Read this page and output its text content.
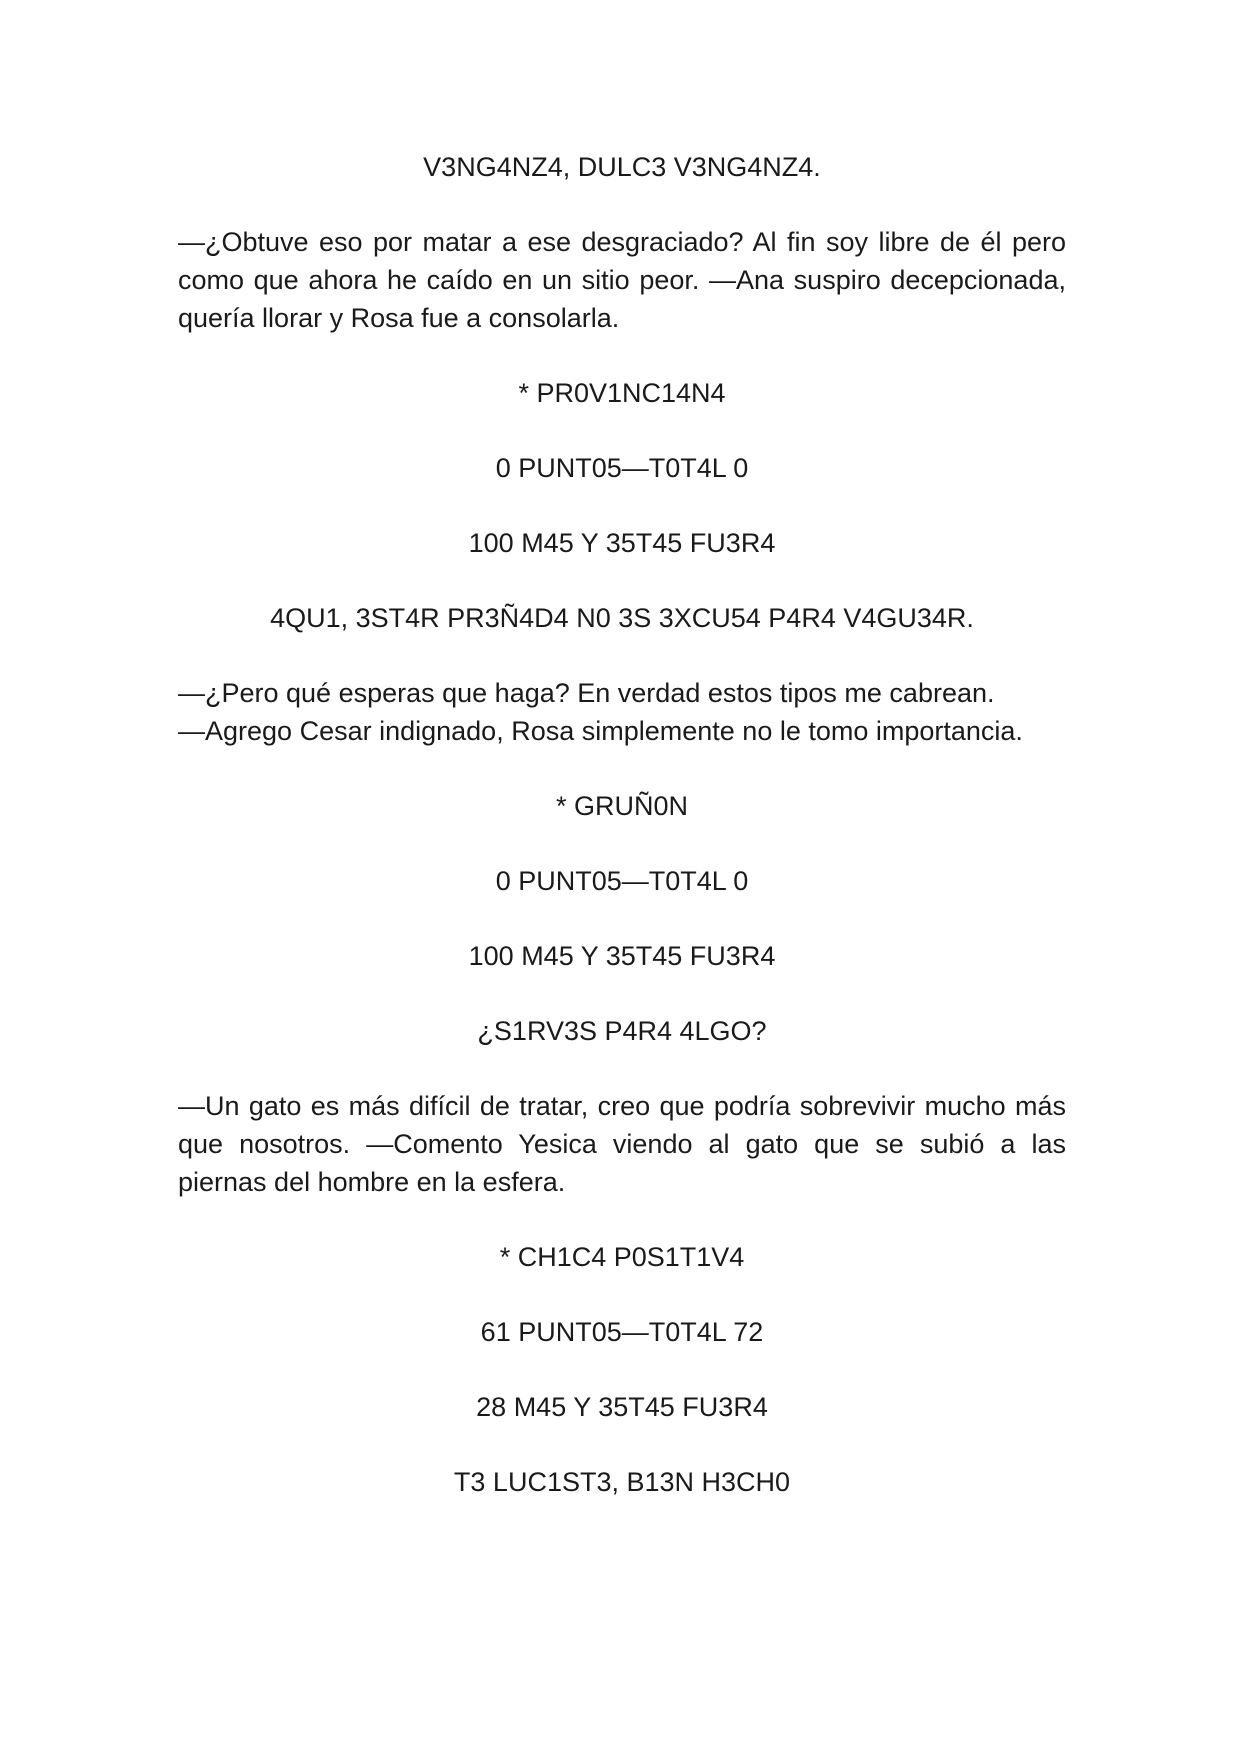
V3NG4NZ4, DULC3 V3NG4NZ4.

—¿Obtuve eso por matar a ese desgraciado? Al fin soy libre de él pero como que ahora he caído en un sitio peor. —Ana suspiro decepcionada, quería llorar y Rosa fue a consolarla.

* PR0V1NC14N4
0 PUNT05—T0T4L 0
100 M45 Y 35T45 FU3R4
4QU1, 3ST4R PR3Ñ4D4 N0 3S 3XCU54 P4R4 V4GU34R.

—¿Pero qué esperas que haga? En verdad estos tipos me cabrean.

—Agrego Cesar indignado, Rosa simplemente no le tomo importancia.

* GRUÑ0N
0 PUNT05—T0T4L 0
100 M45 Y 35T45 FU3R4
¿S1RV3S P4R4 4LGO?

—Un gato es más difícil de tratar, creo que podría sobrevivir mucho más que nosotros. —Comento Yesica viendo al gato que se subió a las piernas del hombre en la esfera.

* CH1C4 P0S1T1V4
61 PUNT05—T0T4L 72
28 M45 Y 35T45 FU3R4
T3 LUC1ST3, B13N H3CH0
